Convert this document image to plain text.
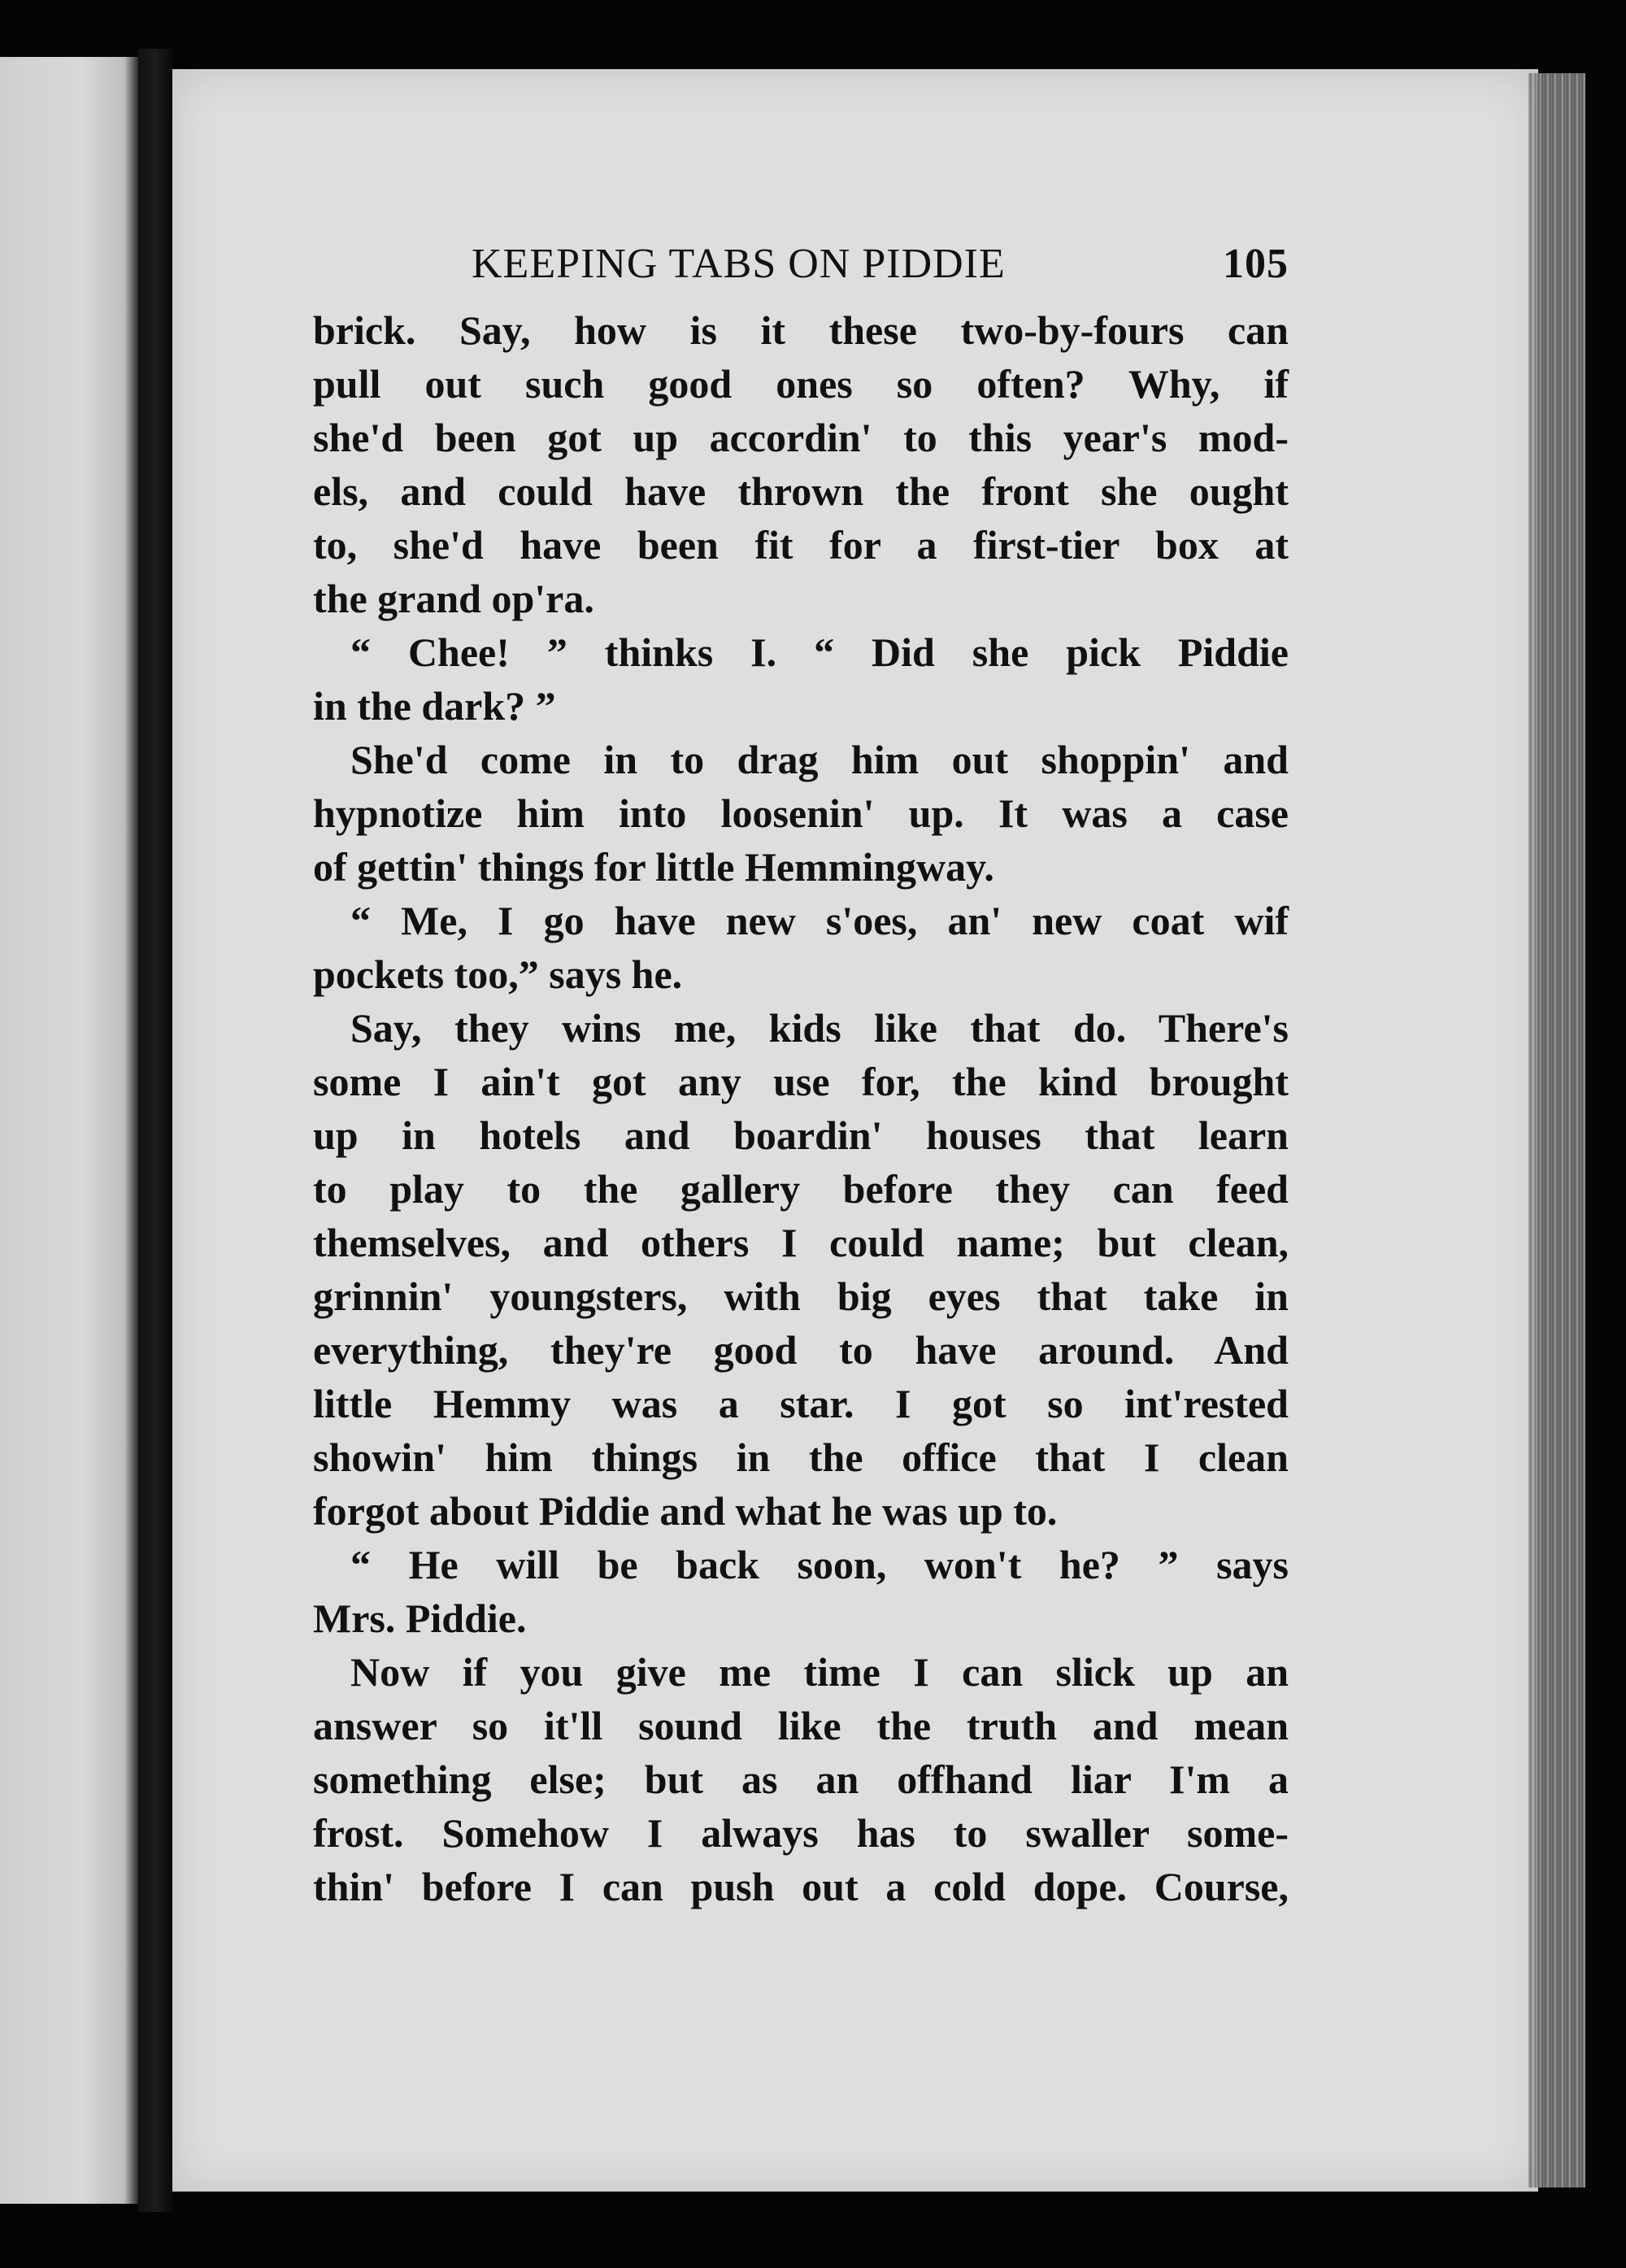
KEEPING TABS ON PIDDIE	105
brick. Say, how is it these two-by-fours can
pull out such good ones so often? Why, if
she'd been got up accordin' to this year's mod-
els, and could have thrown the front she ought
to, she'd have been fit for a first-tier box at
the grand op'ra.
“ Chee! ” thinks I. “ Did she pick Piddie
in the dark? ”
She'd come in to drag him out shoppin' and
hypnotize him into loosenin' up. It was a case
of gettin' things for little Hemmingway.
“ Me, I go have new s'oes, an' new coat wif
pockets too,” says he.
Say, they wins me, kids like that do. There's
some I ain't got any use for, the kind brought
up in hotels and boardin' houses that learn
to play to the gallery before they can feed
themselves, and others I could name; but clean,
grinnin' youngsters, with big eyes that take in
everything, they're good to have around. And
little Hemmy was a star. I got so int'rested
showin' him things in the office that I clean
forgot about Piddie and what he was up to.
“ He will be back soon, won't he? ” says
Mrs. Piddie.
Now if you give me time I can slick up an
answer so it'll sound like the truth and mean
something else; but as an offhand liar I'm a
frost. Somehow I always has to swaller some-
thin' before I can push out a cold dope. Course,
